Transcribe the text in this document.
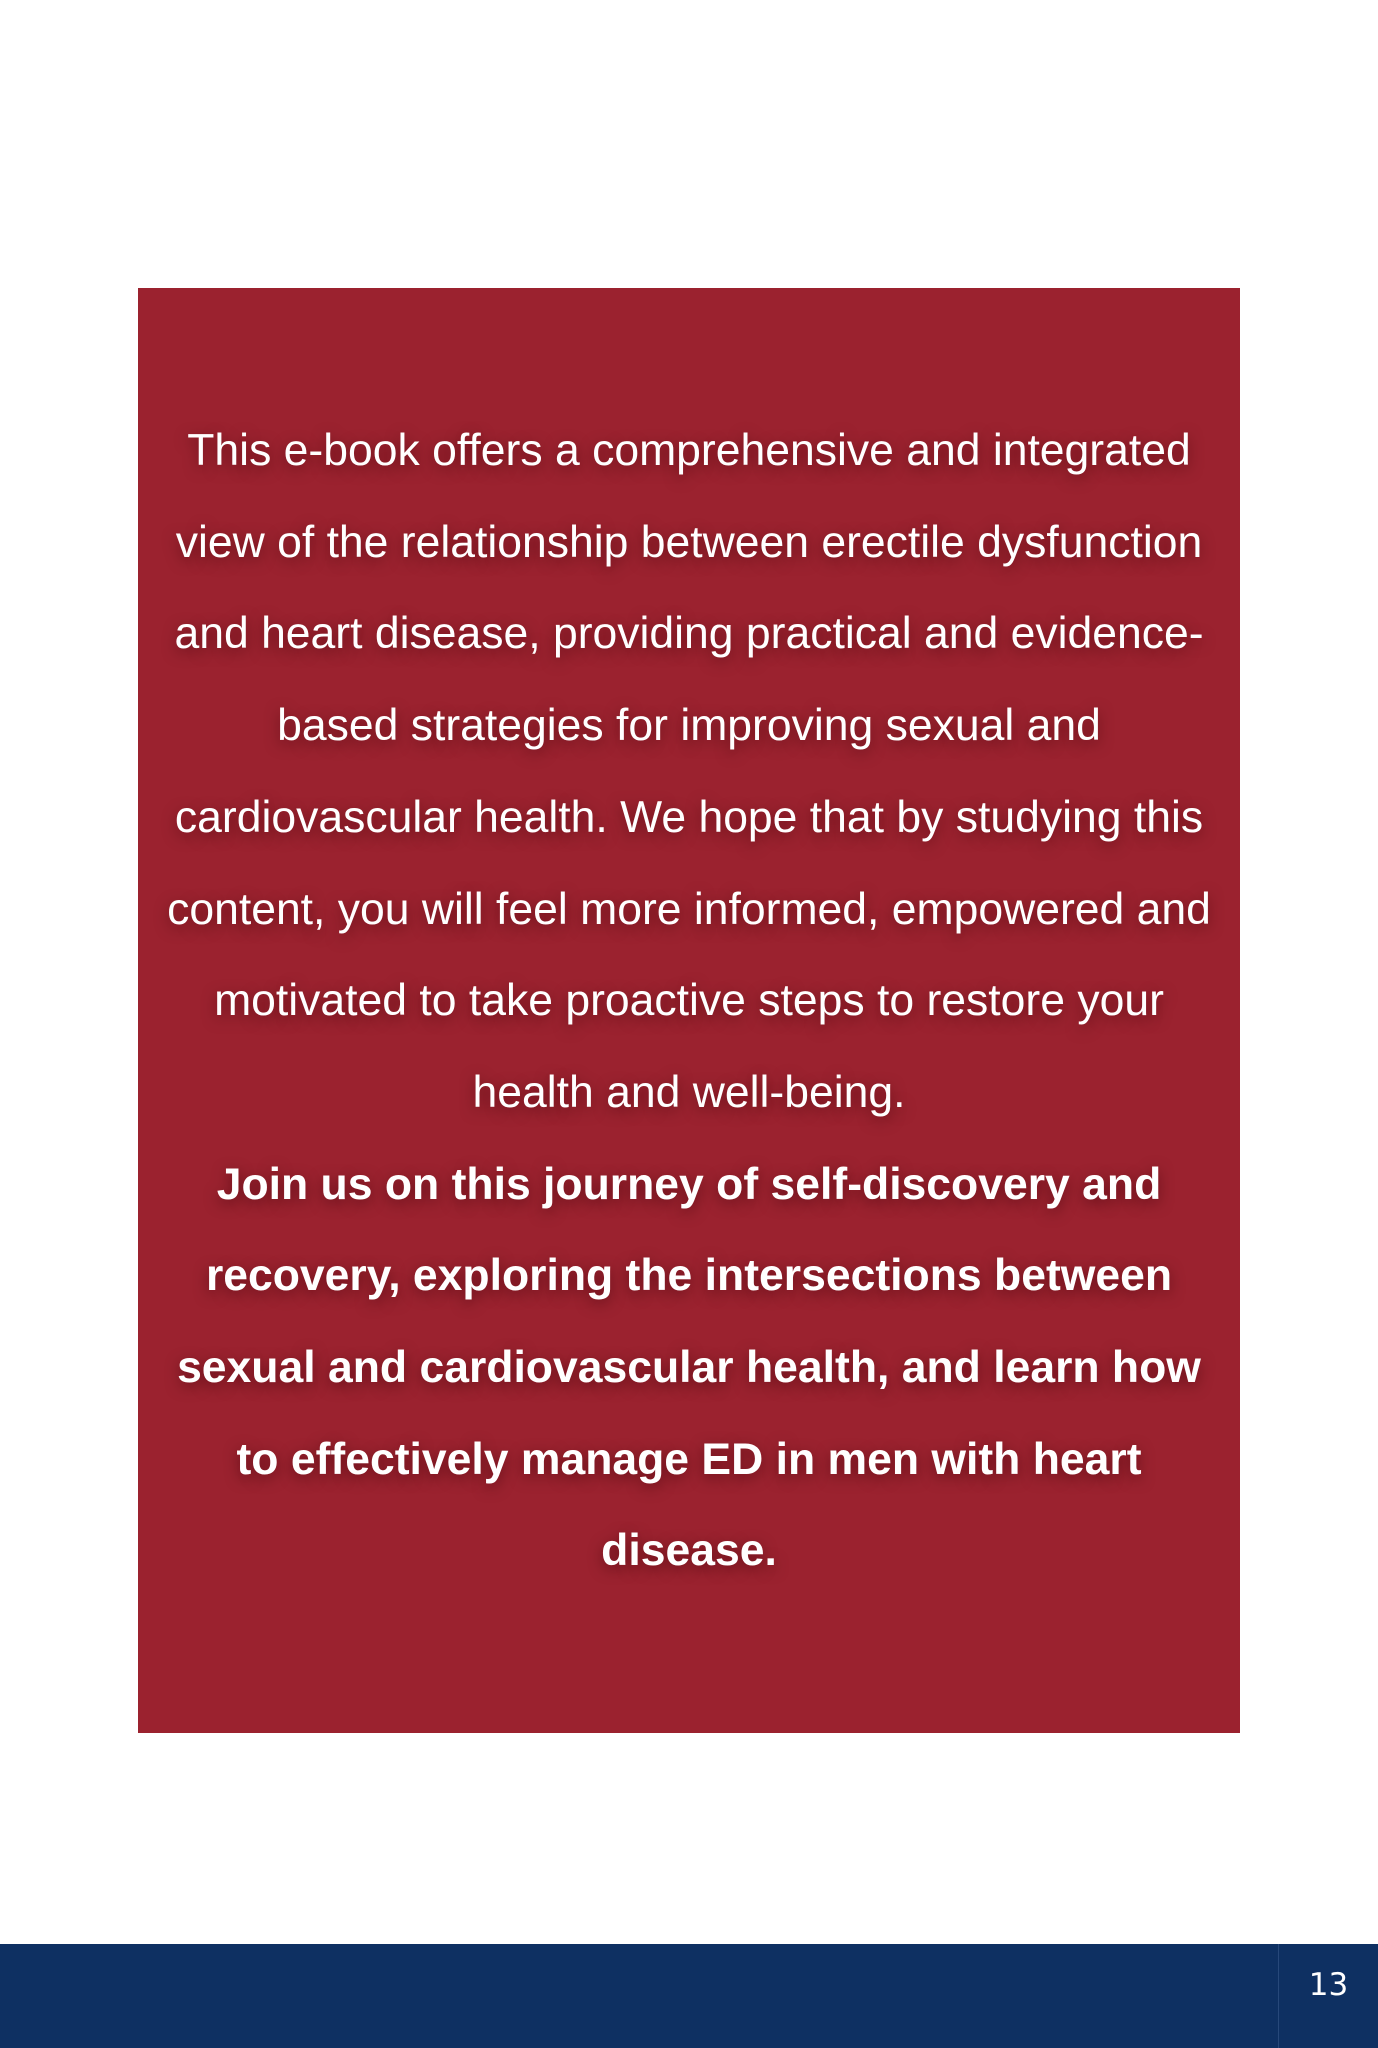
This e-book offers a comprehensive and integrated view of the relationship between erectile dysfunction and heart disease, providing practical and evidence-based strategies for improving sexual and cardiovascular health. We hope that by studying this content, you will feel more informed, empowered and motivated to take proactive steps to restore your health and well-being.

Join us on this journey of self-discovery and recovery, exploring the intersections between sexual and cardiovascular health, and learn how to effectively manage ED in men with heart disease.

13
